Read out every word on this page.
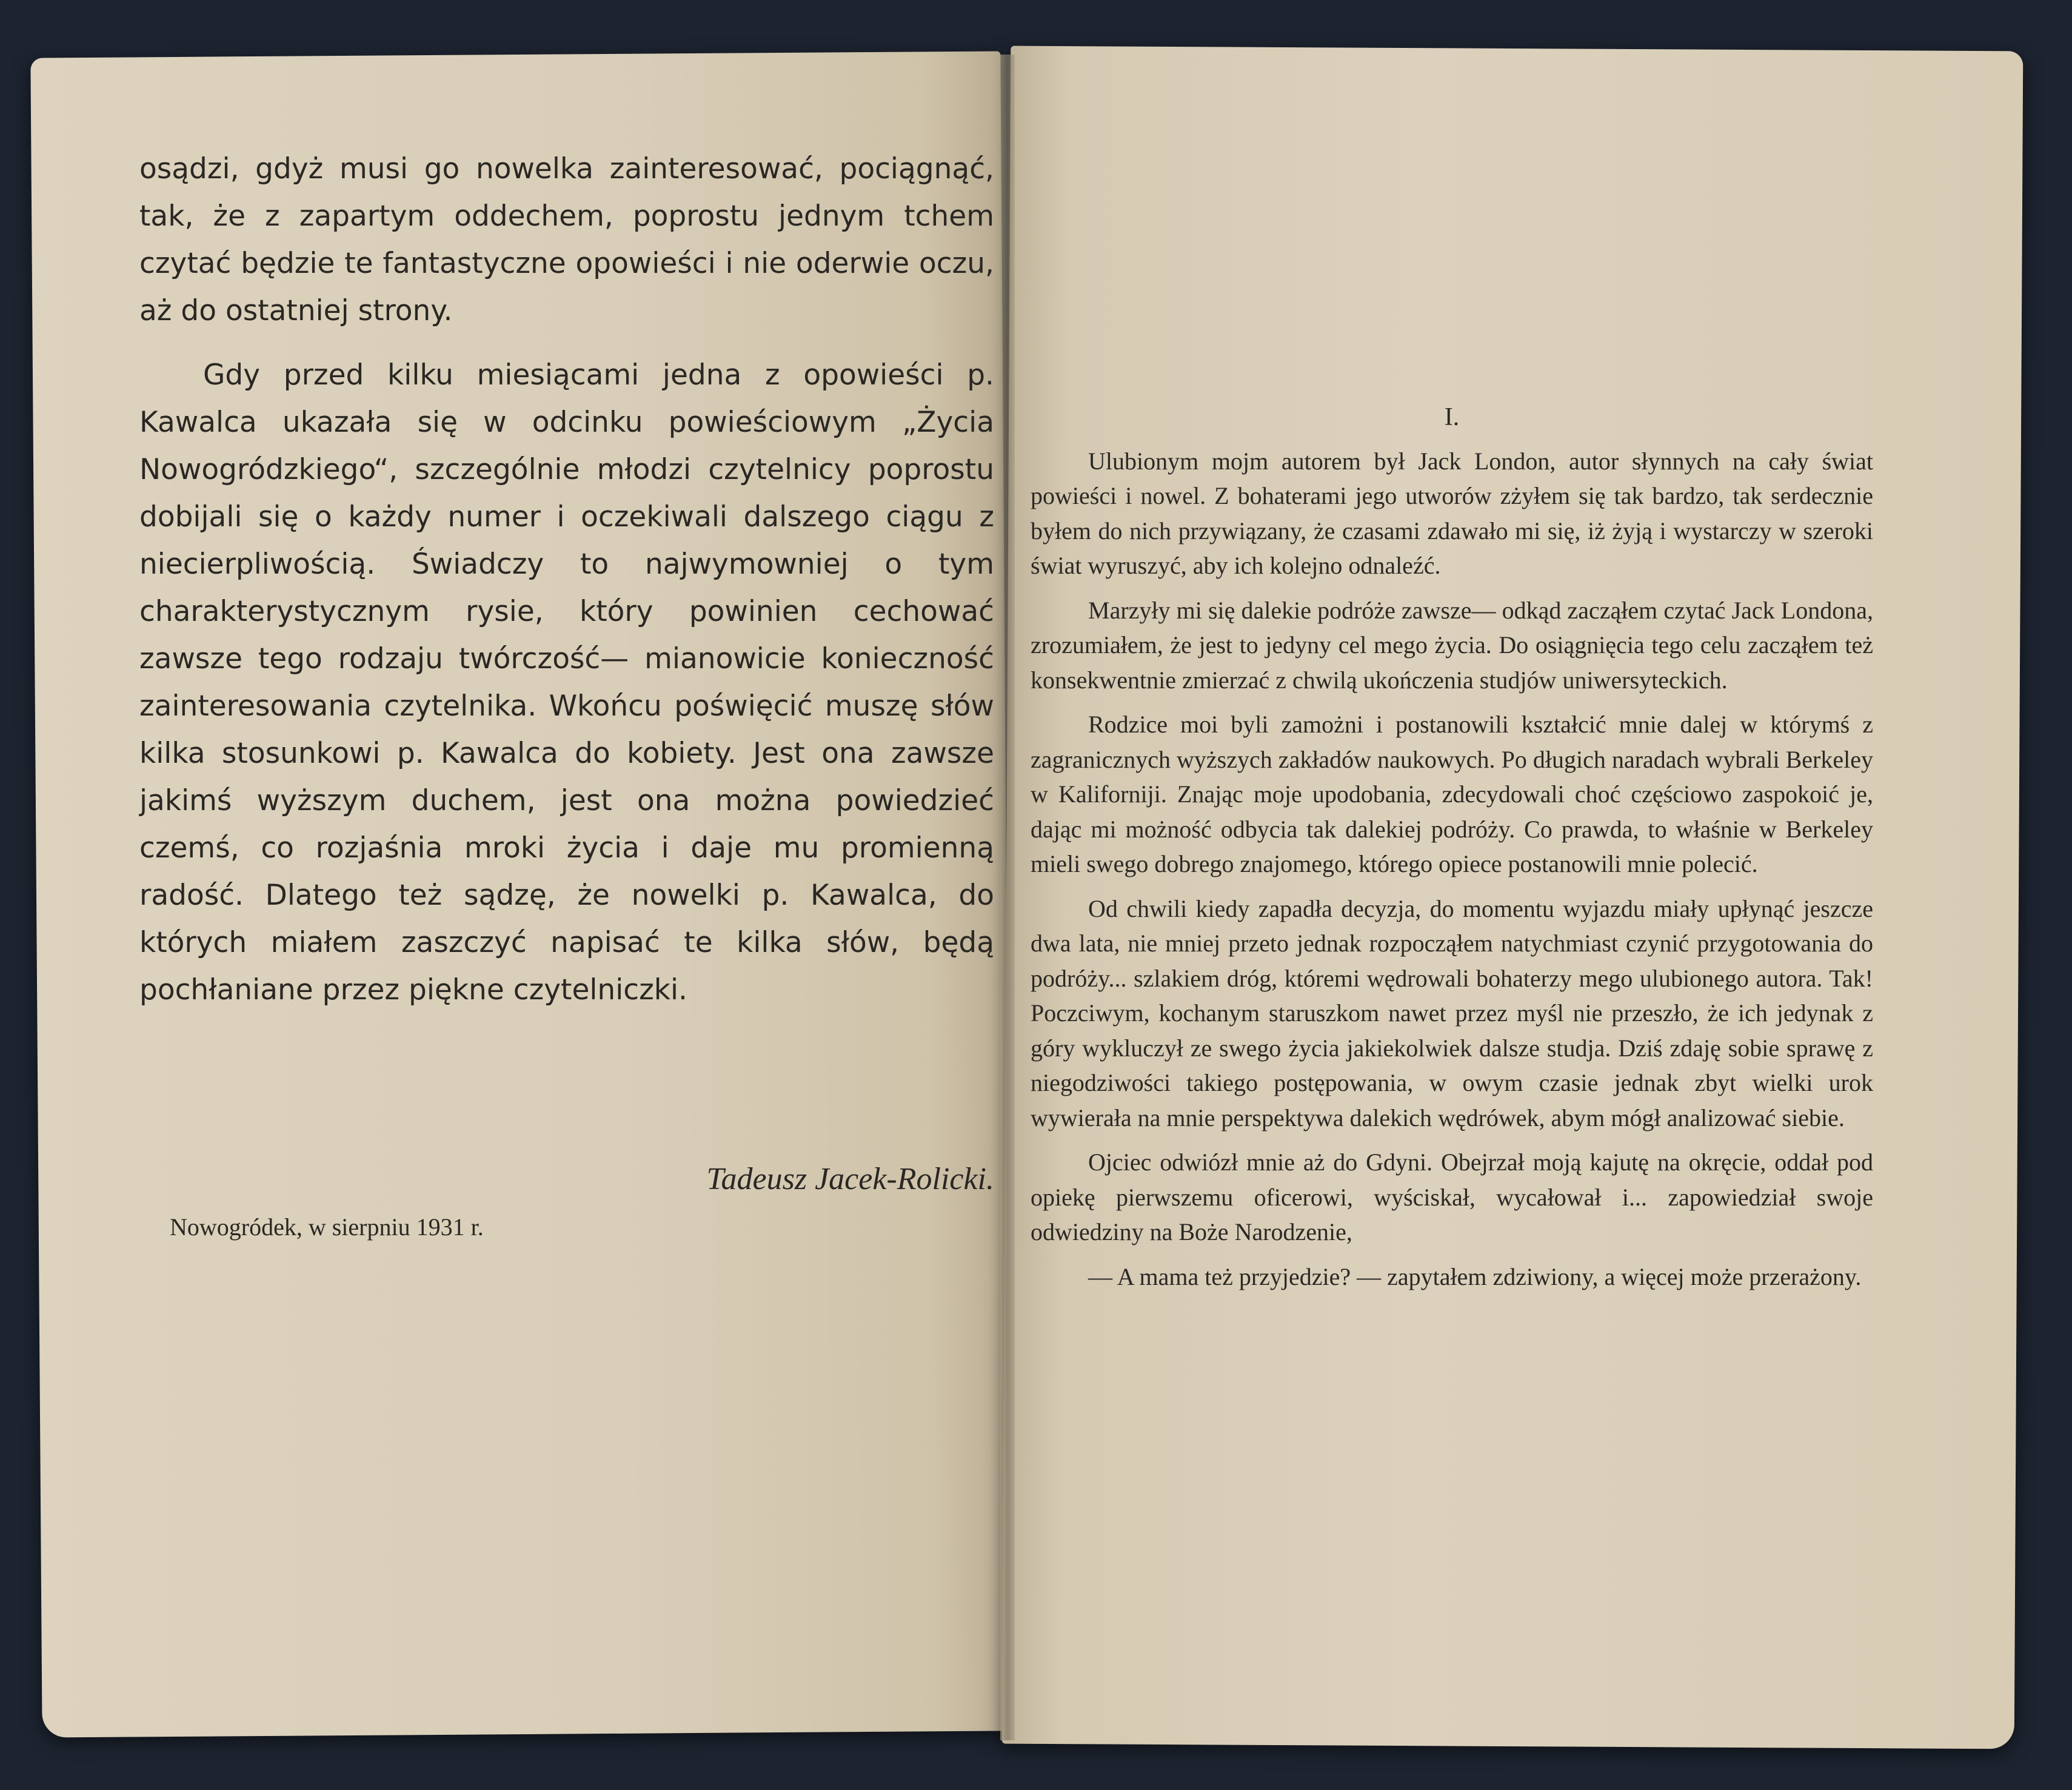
osądzi, gdyż musi go nowelka zainteresować, pociągnąć, tak, że z zapartym oddechem, poprostu jednym tchem czytać będzie te fantastyczne opowieści i nie oderwie oczu, aż do ostatniej strony.

Gdy przed kilku miesiącami jedna z opowieści p. Kawalca ukazała się w odcinku powieściowym „Życia Nowogródzkiego“, szczególnie młodzi czytelnicy poprostu dobijali się o każdy numer i oczekiwali dalszego ciągu z niecierpliwością. Świadczy to najwymowniej o tym charakterystycznym rysie, który powinien cechować zawsze tego rodzaju twórczość— mianowicie konieczność zainteresowania czytelnika. Wkońcu poświęcić muszę słów kilka stosunkowi p. Kawalca do kobiety. Jest ona zawsze jakimś wyższym duchem, jest ona można powiedzieć czemś, co rozjaśnia mroki życia i daje mu promienną radość. Dlatego też sądzę, że nowelki p. Kawalca, do których miałem zaszczyć napisać te kilka słów, będą pochłaniane przez piękne czytelniczki.

Tadeusz Jacek-Rolicki.
Nowogródek, w sierpniu 1931 r.
I.

Ulubionym mojm autorem był Jack London, autor słynnych na cały świat powieści i nowel. Z bohaterami jego utworów zżyłem się tak bardzo, tak serdecznie byłem do nich przywiązany, że czasami zdawało mi się, iż żyją i wystarczy w szeroki świat wyruszyć, aby ich kolejno odnaleźć.

Marzyły mi się dalekie podróże zawsze— odkąd zacząłem czytać Jack Londona, zrozumiałem, że jest to jedyny cel mego życia. Do osiągnięcia tego celu zacząłem też konsekwentnie zmierzać z chwilą ukończenia studjów uniwersyteckich.

Rodzice moi byli zamożni i postanowili kształcić mnie dalej w którymś z zagranicznych wyższych zakładów naukowych. Po długich naradach wybrali Berkeley w Kaliforniji. Znając moje upodobania, zdecydowali choć częściowo zaspokoić je, dając mi możność odbycia tak dalekiej podróży. Co prawda, to właśnie w Berkeley mieli swego dobrego znajomego, którego opiece postanowili mnie polecić.

Od chwili kiedy zapadła decyzja, do momentu wyjazdu miały upłynąć jeszcze dwa lata, nie mniej przeto jednak rozpocząłem natychmiast czynić przygotowania do podróży... szlakiem dróg, któremi wędrowali bohaterzy mego ulubionego autora. Tak! Poczciwym, kochanym staruszkom nawet przez myśl nie przeszło, że ich jedynak z góry wykluczył ze swego życia jakiekolwiek dalsze studja. Dziś zdaję sobie sprawę z niegodziwości takiego postępowania, w owym czasie jednak zbyt wielki urok wywierała na mnie perspektywa dalekich wędrówek, abym mógł analizować siebie.

Ojciec odwiózł mnie aż do Gdyni. Obejrzał moją kajutę na okręcie, oddał pod opiekę pierwszemu oficerowi, wyściskał, wycałował i... zapowiedział swoje odwiedziny na Boże Narodzenie,

— A mama też przyjedzie? — zapytałem zdziwiony, a więcej może przerażony.
